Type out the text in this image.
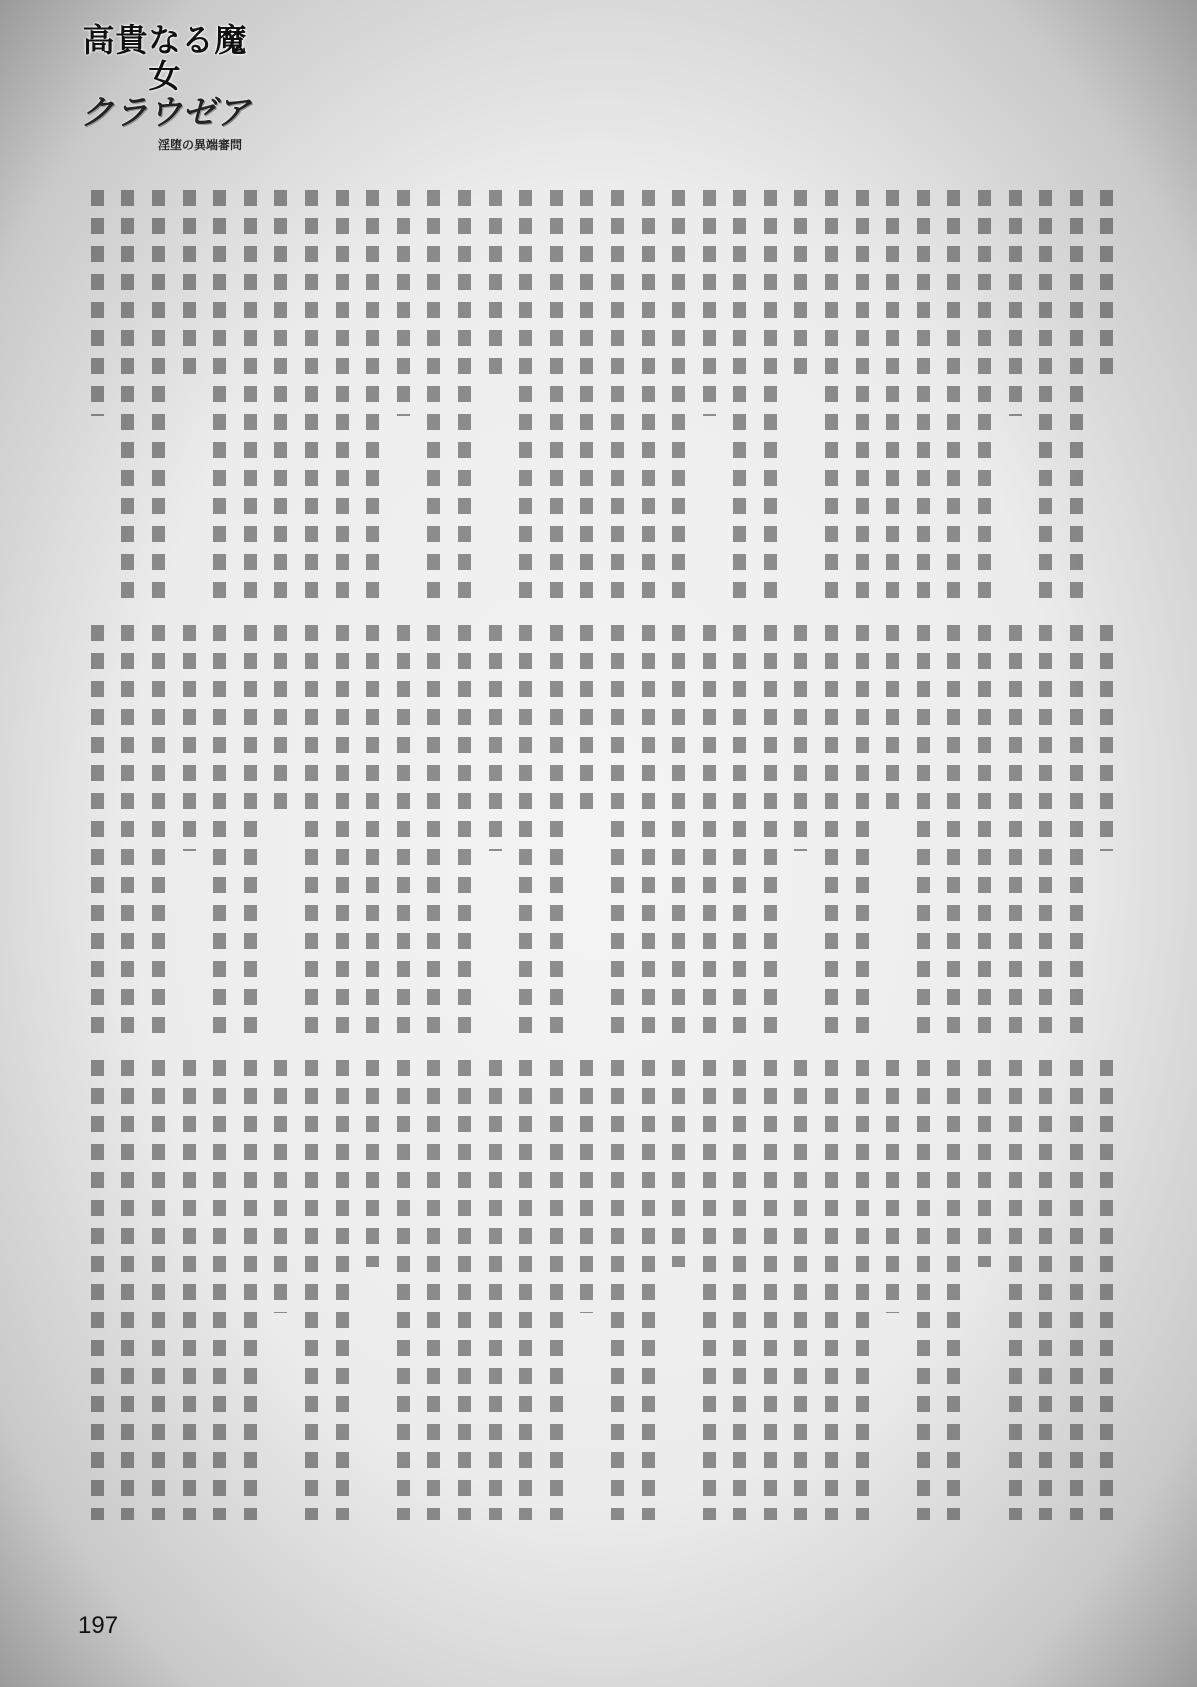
高貴なる魔女
クラウゼア
淫堕の異端審問
197
